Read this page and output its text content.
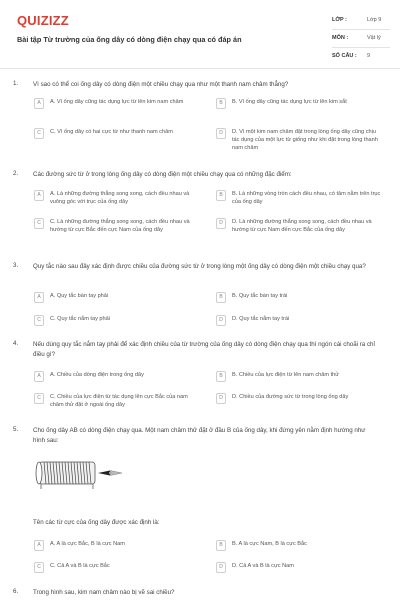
QUIZIZZ
Bài tập Từ trường của ống dây có dòng điện chạy qua có đáp án
LỚP :	Lớp 9
MÔN :	Vật lý
SỐ CÂU : 9
1. Vì sao có thể coi ống dây có dòng điện một chiều chạy qua như một thanh nam châm thẳng?
A	A. Vì ống dây cũng tác dụng lực từ lên kim nam châm	B	B. Vì ống dây cũng tác dụng lực từ lên kim sắt
C	C. Vì ống dây có hai cực từ như thanh nam châm	D	D. Vì một kim nam châm đặt trong lòng ống dây cũng chịu tác dụng của một lực từ giống như khi đặt trong lòng thanh nam châm
2. Các đường sức từ ở trong lòng ống dây có dòng điện một chiều chạy qua có những đặc điểm:
A	A. Là những đường thẳng song song, cách đều nhau và vuông góc với trục của ống dây
B	B. Là những vòng tròn cách đều nhau, có tâm nằm trên trục của ống dây
C	C. Là những đường thẳng song song, cách đều nhau và hướng từ cực Bắc đến cực Nam của ống dây
D	D. Là những đường thẳng song song, cách đều nhau và hướng từ cực Nam đến cực Bắc của ống dây
3. Quy tắc nào sau đây xác định được chiều của đường sức từ ở trong lòng một ống dây có dòng điện một chiều chạy qua?
A	A. Quy tắc bàn tay phải	B	B. Quy tắc bàn tay trái
C	C. Quy tắc nắm tay phải	D	D. Quy tắc nắm tay trái
4. Nếu dùng quy tắc nắm tay phải để xác định chiều của từ trường của ống dây có dòng điện chạy qua thì ngón cái choãi ra chỉ điều gì?
A	A. Chiều của dòng điện trong ống dây	B	B. Chiều của lực điện từ lên nam châm thử
C	C. Chiều của lực điện từ tác dụng lên cực Bắc của nam châm thử đặt ở ngoài ống dây
D	D. Chiều của đường sức từ trong lòng ống dây
5. Cho ống dây AB có dòng điện chạy qua. Một nam châm thử đặt ở đầu B của ống dây, khi đứng yên nằm định hướng như hình sau:
Tên các từ cực của ống dây được xác định là:
A	A. A là cực Bắc, B là cực Nam	B	B. A là cực Nam, B là cực Bắc
C	C. Cả A và B là cực Bắc	D	D. Cả A và B là cực Nam
6. Trong hình sau, kim nam châm nào bị vẽ sai chiều?
